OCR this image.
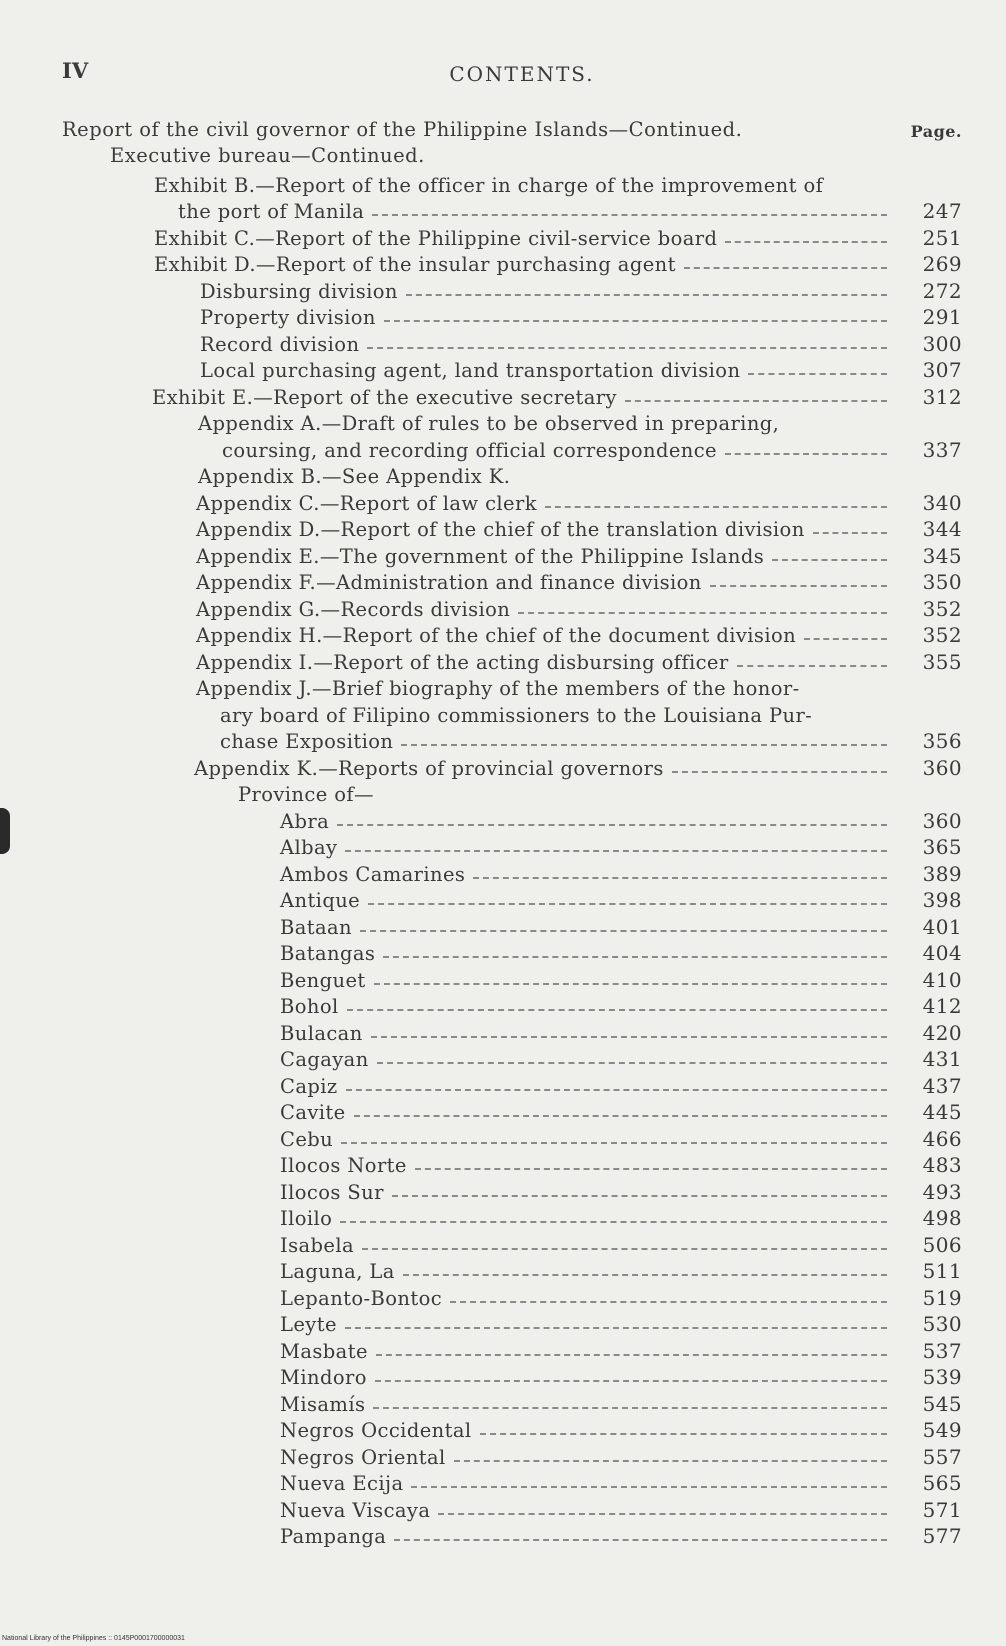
IV	CONTENTS.
Report of the civil governor of the Philippine Islands—Continued.	Page.
Executive bureau—Continued.
Exhibit B.—Report of the officer in charge of the improvement of
the port of Manila	247
Exhibit C.—Report of the Philippine civil-service board	251
Exhibit D.—Report of the insular purchasing agent	269
Disbursing division	272
Property division	291
Record division	300
Local purchasing agent, land transportation division	307
Exhibit E.—Report of the executive secretary	312
Appendix A.—Draft of rules to be observed in preparing,
coursing, and recording official correspondence	337
Appendix B.—See Appendix K.
Appendix C.—Report of law clerk	340
Appendix D.—Report of the chief of the translation division	344
Appendix E.—The government of the Philippine Islands	345
Appendix F.—Administration and finance division	350
Appendix G.—Records division	352
Appendix H.—Report of the chief of the document division	352
Appendix I.—Report of the acting disbursing officer	355
Appendix J.—Brief biography of the members of the honor-
ary board of Filipino commissioners to the Louisiana Pur-
chase Exposition	356
Appendix K.—Reports of provincial governors	360
Province of—
Abra	360
Albay	365
Ambos Camarines	389
Antique	398
Bataan	401
Batangas	404
Benguet	410
Bohol	412
Bulacan	420
Cagayan	431
Capiz	437
Cavite	445
Cebu	466
Ilocos Norte	483
Ilocos Sur	493
Iloilo	498
Isabela	506
Laguna, La	511
Lepanto-Bontoc	519
Leyte	530
Masbate	537
Mindoro	539
Misamís	545
Negros Occidental	549
Negros Oriental	557
Nueva Ecija	565
Nueva Viscaya	571
Pampanga	577
National Library of the Philippines :: 0145P0001700000031
